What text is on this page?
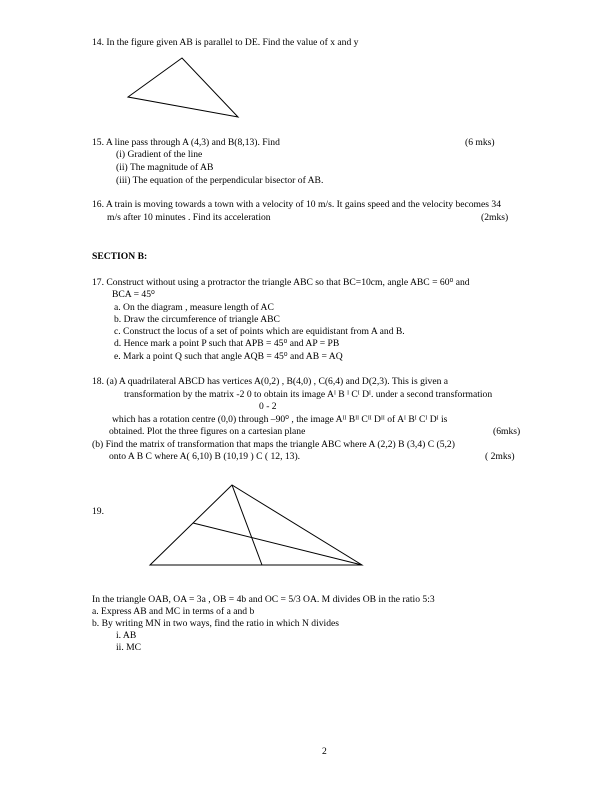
14. In the figure given AB is parallel to DE. Find the value of x and y
15. A line pass through A (4,3) and B(8,13). Find	(6 mks)
(i) Gradient of the line
(ii) The magnitude of AB
(iii) The equation of the perpendicular bisector of AB.
16. A train is moving towards a town with a velocity of 10 m/s. It gains speed and the velocity becomes 34
m/s after 10 minutes . Find its acceleration	(2mks)
SECTION B:
17. Construct without using a protractor the triangle ABC so that BC=10cm, angle ABC = 60⁰ and
BCA = 45⁰
a. On the diagram , measure length of AC
b. Draw the circumference of triangle ABC
c. Construct the locus of a set of points which are equidistant from A and B.
d. Hence mark a point P such that APB = 45⁰ and AP = PB
e. Mark a point Q such that angle AQB = 45⁰ and AB = AQ
18. (a) A quadrilateral ABCD has vertices A(0,2) , B(4,0) , C(6,4) and D(2,3). This is given a
transformation by the matrix -2 0 to obtain its image Aᴵ B ᴵ Cᴵ Dᴵ. under a second transformation
0 - 2
which has a rotation centre (0,0) through –90⁰ , the image Aᴵᴵ Bᴵᴵ Cᴵᴵ Dᴵᴵ of Aᴵ Bᴵ Cᴵ Dᴵ is
obtained. Plot the three figures on a cartesian plane	(6mks)
(b) Find the matrix of transformation that maps the triangle ABC where A (2,2) B (3,4) C (5,2)
onto A B C where A( 6,10) B (10,19 ) C ( 12, 13).	( 2mks)
19.
In the triangle OAB, OA = 3a , OB = 4b and OC = 5/3 OA. M divides OB in the ratio 5:3
a. Express AB and MC in terms of a and b
b. By writing MN in two ways, find the ratio in which N divides
i. AB
ii. MC
2
